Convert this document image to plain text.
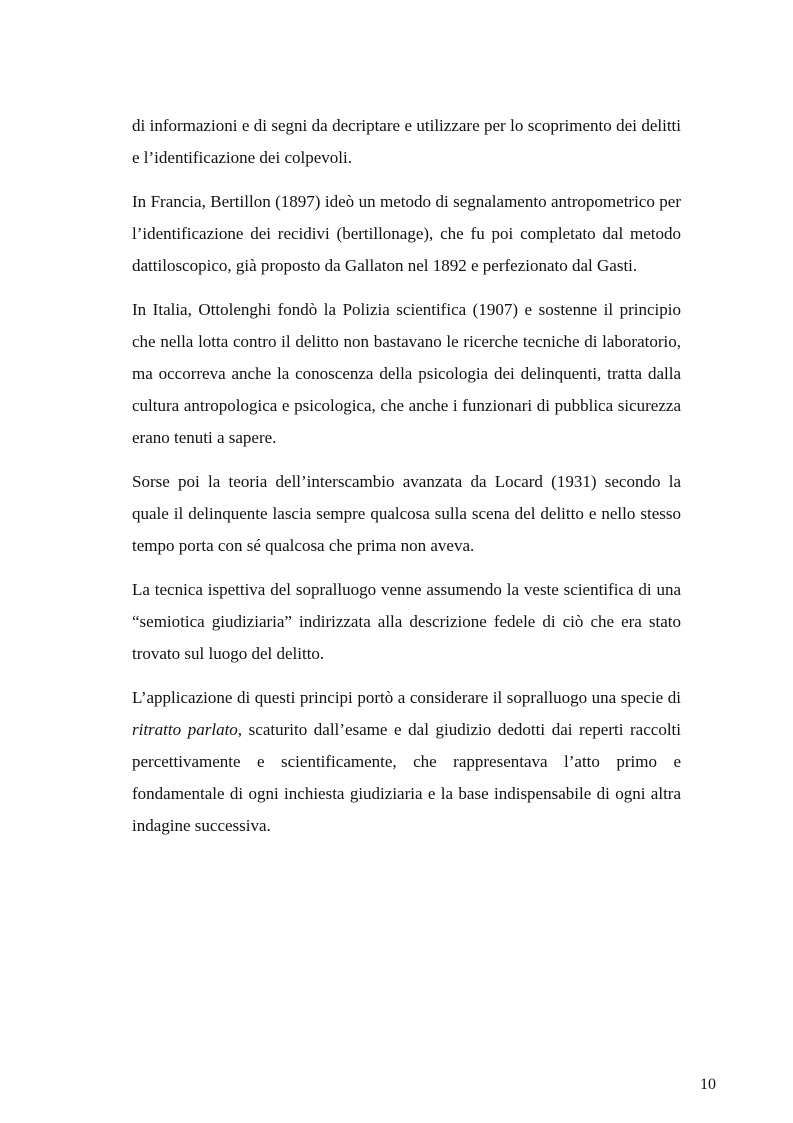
di informazioni e di segni da decriptare e utilizzare per lo scoprimento dei delitti e l’identificazione dei colpevoli.

In Francia, Bertillon (1897) ideò un metodo di segnalamento antropometrico per l’identificazione dei recidivi (bertillonage), che fu poi completato dal metodo dattiloscopico, già proposto da Gallaton nel 1892 e perfezionato dal Gasti.

In Italia, Ottolenghi fondò la Polizia scientifica (1907) e sostenne il principio che nella lotta contro il delitto non bastavano le ricerche tecniche di laboratorio, ma occorreva anche la conoscenza della psicologia dei delinquenti, tratta dalla cultura antropologica e psicologica, che anche i funzionari di pubblica sicurezza erano tenuti a sapere.

Sorse poi la teoria dell’interscambio avanzata da Locard (1931) secondo la quale il delinquente lascia sempre qualcosa sulla scena del delitto e nello stesso tempo porta con sé qualcosa che prima non aveva.

La tecnica ispettiva del sopralluogo venne assumendo la veste scientifica di una “semiotica giudiziaria” indirizzata alla descrizione fedele di ciò che era stato trovato sul luogo del delitto.

L’applicazione di questi principi portò a considerare il sopralluogo una specie di ritratto parlato, scaturito dall’esame e dal giudizio dedotti dai reperti raccolti percettivamente e scientificamente, che rappresentava l’atto primo e fondamentale di ogni inchiesta giudiziaria e la base indispensabile di ogni altra indagine successiva.

10
